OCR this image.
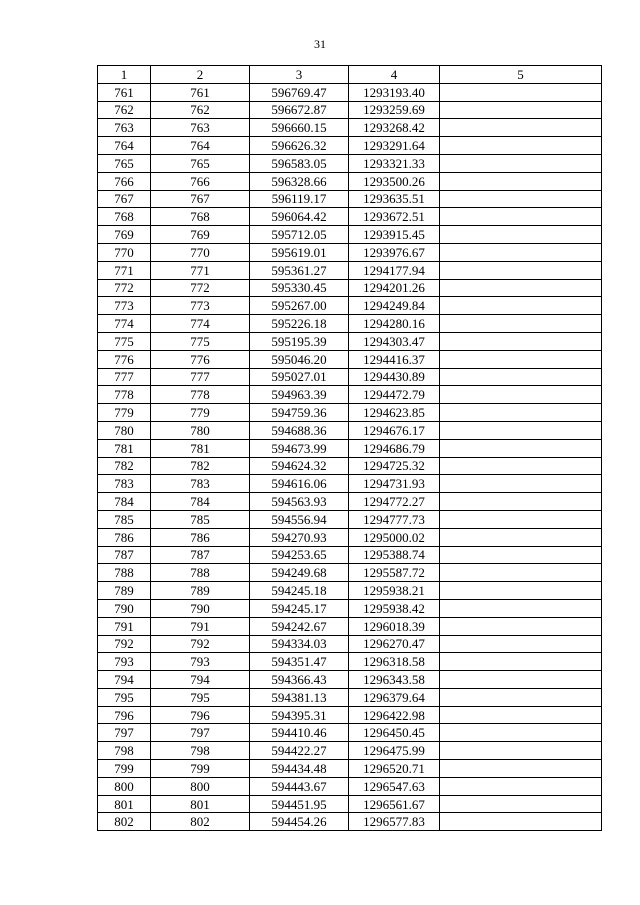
31
1	2	3	4	5
761	761	596769.47	1293193.40	
762	762	596672.87	1293259.69	
763	763	596660.15	1293268.42	
764	764	596626.32	1293291.64	
765	765	596583.05	1293321.33	
766	766	596328.66	1293500.26	
767	767	596119.17	1293635.51	
768	768	596064.42	1293672.51	
769	769	595712.05	1293915.45	
770	770	595619.01	1293976.67	
771	771	595361.27	1294177.94	
772	772	595330.45	1294201.26	
773	773	595267.00	1294249.84	
774	774	595226.18	1294280.16	
775	775	595195.39	1294303.47	
776	776	595046.20	1294416.37	
777	777	595027.01	1294430.89	
778	778	594963.39	1294472.79	
779	779	594759.36	1294623.85	
780	780	594688.36	1294676.17	
781	781	594673.99	1294686.79	
782	782	594624.32	1294725.32	
783	783	594616.06	1294731.93	
784	784	594563.93	1294772.27	
785	785	594556.94	1294777.73	
786	786	594270.93	1295000.02	
787	787	594253.65	1295388.74	
788	788	594249.68	1295587.72	
789	789	594245.18	1295938.21	
790	790	594245.17	1295938.42	
791	791	594242.67	1296018.39	
792	792	594334.03	1296270.47	
793	793	594351.47	1296318.58	
794	794	594366.43	1296343.58	
795	795	594381.13	1296379.64	
796	796	594395.31	1296422.98	
797	797	594410.46	1296450.45	
798	798	594422.27	1296475.99	
799	799	594434.48	1296520.71	
800	800	594443.67	1296547.63	
801	801	594451.95	1296561.67	
802	802	594454.26	1296577.83	
